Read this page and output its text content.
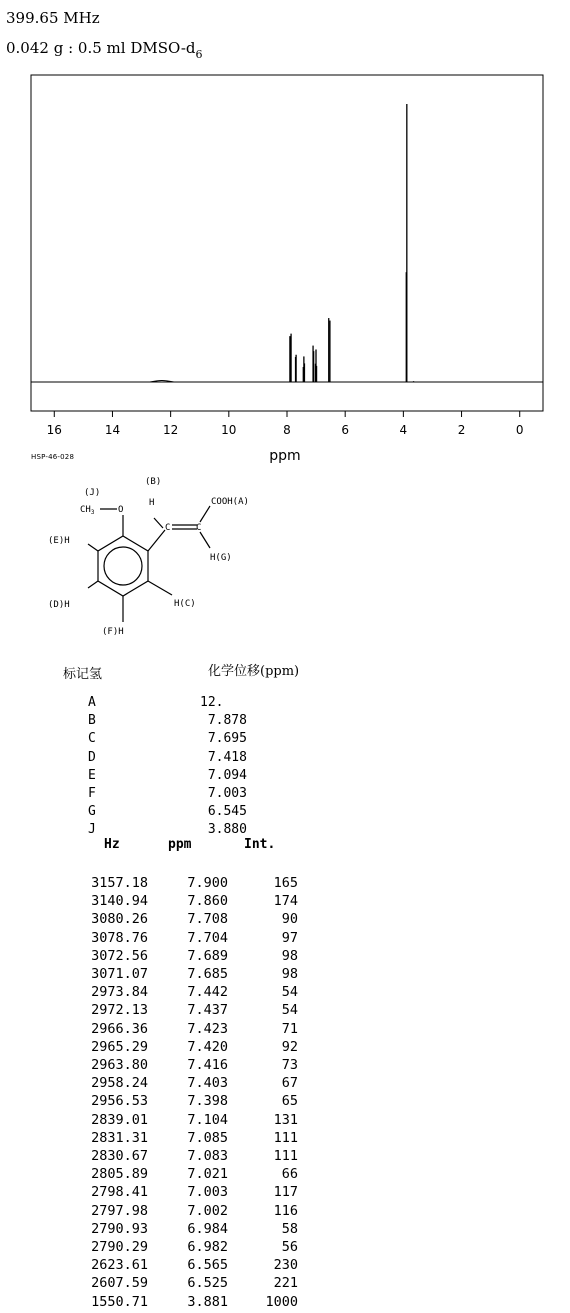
399.65 MHz
0.042 g : 0.5 ml DMSO-$d_6$
16	14	12	10	8	6	4	2	0
ppm
HSP-46-028
(J)
(B)
$CH_3$	O
H
C	C
COOH(A)
(E)H
H(G)
(D)H	H(C)
(F)H
标记氢	化学位移(ppm)
A	12.
B	7.878
C	7.695
D	7.418
E	7.094
F	7.003
G	6.545
J	3.880
Hz	ppm	Int.
3157.18	7.900	165
3140.94	7.860	174
3080.26	7.708	90
3078.76	7.704	97
3072.56	7.689	98
3071.07	7.685	98
2973.84	7.442	54
2972.13	7.437	54
2966.36	7.423	71
2965.29	7.420	92
2963.80	7.416	73
2958.24	7.403	67
2956.53	7.398	65
2839.01	7.104	131
2831.31	7.085	111
2830.67	7.083	111
2805.89	7.021	66
2798.41	7.003	117
2797.98	7.002	116
2790.93	6.984	58
2790.29	6.982	56
2623.61	6.565	230
2607.59	6.525	221
1550.71	3.881	1000
